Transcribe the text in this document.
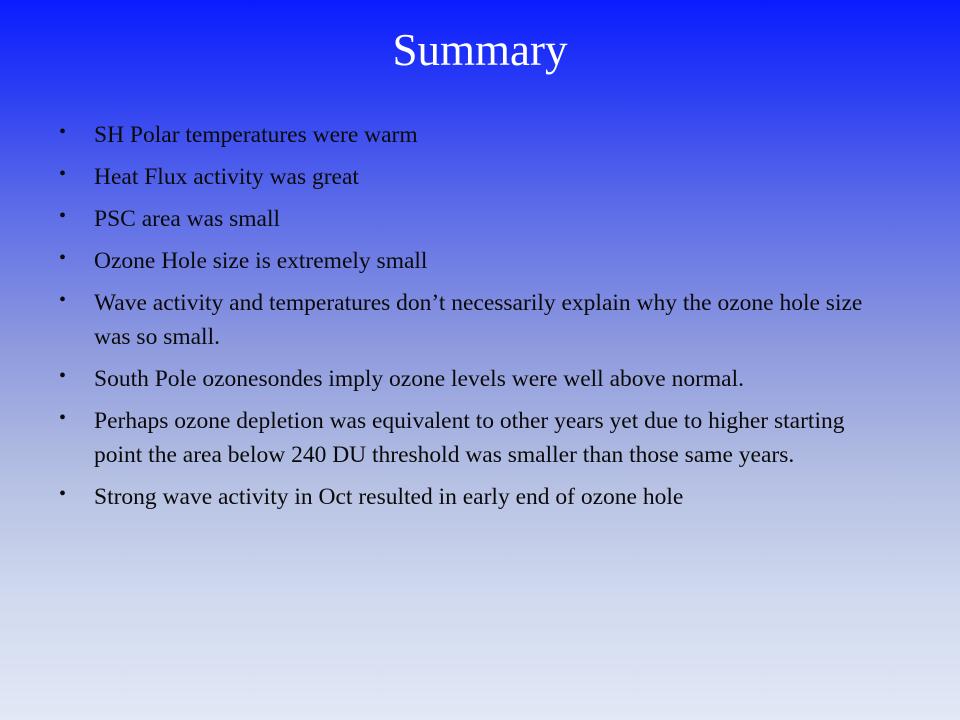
Summary
• SH Polar temperatures were warm
• Heat Flux activity was great
• PSC area was small
• Ozone Hole size is extremely small
• Wave activity and temperatures don’t necessarily explain why the ozone hole size was so small.
• South Pole ozonesondes imply ozone levels were well above normal.
• Perhaps ozone depletion was equivalent to other years yet due to higher starting point the area below 240 DU threshold was smaller than those same years.
• Strong wave activity in Oct resulted in early end of ozone hole
